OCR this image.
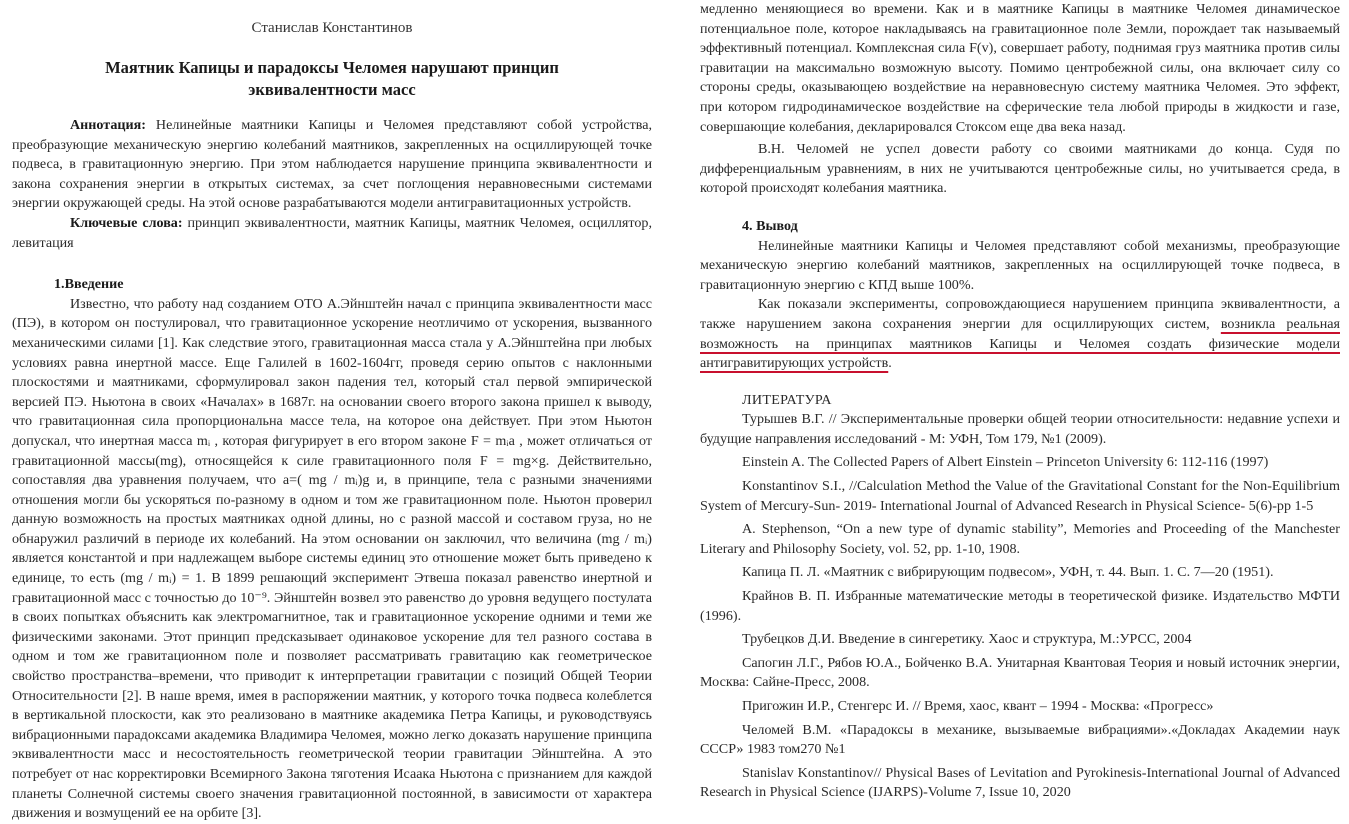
Станислав Константинов
Маятник Капицы и парадоксы Челомея нарушают принцип
эквивалентности масс

Аннотация: Нелинейные маятники Капицы и Челомея представляют собой устройства, преобразующие механическую энергию колебаний маятников, закрепленных на осциллирующей точке подвеса, в гравитационную энергию. При этом наблюдается нарушение принципа эквивалентности и закона сохранения энергии в открытых системах, за счет поглощения неравновесными системами энергии окружающей среды. На этой основе разрабатываются модели антигравитационных устройств.

Ключевые слова: принцип эквивалентности, маятник Капицы, маятник Челомея, осциллятор, левитация

1.Введение

Известно, что работу над созданием ОТО А.Эйнштейн начал с принципа эквивалентности масс (ПЭ), в котором он постулировал, что гравитационное ускорение неотличимо от ускорения, вызванного механическими силами [1]. Как следствие этого, гравитационная масса стала у А.Эйнштейна при любых условиях равна инертной массе. Еще Галилей в 1602-1604гг, проведя серию опытов с наклонными плоскостями и маятниками, сформулировал закон падения тел, который стал первой эмпирической версией ПЭ. Ньютона в своих «Началах» в 1687г. на основании своего второго закона пришел к выводу, что гравитационная сила пропорциональна массе тела, на которое она действует. При этом Ньютон допускал, что инертная масса mᵢ , которая фигурирует в его втором законе F = mᵢa , может отличаться от гравитационной массы(mg), относящейся к силе гравитационного поля F = mg×g. Действительно, сопоставляя два уравнения получаем, что a=( mg / mᵢ)g и, в принципе, тела с разными значениями отношения могли бы ускоряться по-разному в одном и том же гравитационном поле. Ньютон проверил данную возможность на простых маятниках одной длины, но с разной массой и составом груза, но не обнаружил различий в периоде их колебаний. На этом основании он заключил, что величина (mg / mᵢ) является константой и при надлежащем выборе системы единиц это отношение может быть приведено к единице, то есть (mg / mᵢ) = 1. В 1899 решающий эксперимент Этвеша показал равенство инертной и гравитационной масс с точностью до 10⁻⁹. Эйнштейн возвел это равенство до уровня ведущего постулата в своих попытках объяснить как электромагнитное, так и гравитационное ускорение одними и теми же физическими законами. Этот принцип предсказывает одинаковое ускорение для тел разного состава в одном и том же гравитационном поле и позволяет рассматривать гравитацию как геометрическое свойство пространства–времени, что приводит к интерпретации гравитации с позиций Общей Теории Относительности [2]. В наше время, имея в распоряжении маятник, у которого точка подвеса колеблется в вертикальной плоскости, как это реализовано в маятнике академика Петра Капицы, и руководствуясь вибрационными парадоксами академика Владимира Челомея, можно легко доказать нарушение принципа эквивалентности масс и несостоятельность геометрической теории гравитации Эйнштейна. А это потребует от нас корректировки Всемирного Закона тяготения Исаака Ньютона с признанием для каждой планеты Солнечной системы своего значения гравитационной постоянной, в зависимости от характера движения и возмущений ее на орбите [3].

медленно меняющиеся во времени. Как и в маятнике Капицы в маятнике Челомея динамическое потенциальное поле, которое накладываясь на гравитационное поле Земли, порождает так называемый эффективный потенциал. Комплексная сила F(v), совершает работу, поднимая груз маятника против силы гравитации на максимально возможную высоту. Помимо центробежной силы, она включает силу со стороны среды, оказывающею воздействие на неравновесную систему маятника Челомея. Это эффект, при котором гидродинамическое воздействие на сферические тела любой природы в жидкости и газе, совершающие колебания, декларировался Стоксом еще два века назад.

В.Н. Челомей не успел довести работу со своими маятниками до конца. Судя по дифференциальным уравнениям, в них не учитываются центробежные силы, но учитывается среда, в которой происходят колебания маятника.

4. Вывод

Нелинейные маятники Капицы и Челомея представляют собой механизмы, преобразующие механическую энергию колебаний маятников, закрепленных на осциллирующей точке подвеса, в гравитационную энергию с КПД выше 100%.

Как показали эксперименты, сопровождающиеся нарушением принципа эквивалентности, а также нарушением закона сохранения энергии для осциллирующих систем, возникла реальная возможность на принципах маятников Капицы и Челомея создать физические модели антигравитирующих устройств.

ЛИТЕРАТУРА

Турышев В.Г. // Экспериментальные проверки общей теории относительности: недавние успехи и будущие направления исследований - М: УФН, Том 179, №1 (2009).

Einstein A. The Collected Papers of Albert Einstein – Princeton University 6: 112-116 (1997)

Konstantinov S.I., //Calculation Method the Value of the Gravitational Constant for the Non-Equilibrium System of Mercury-Sun- 2019- International Journal of Advanced Research in Physical Science- 5(6)-pp 1-5

A. Stephenson, “On a new type of dynamic stability”, Memories and Proceeding of the Manchester Literary and Philosophy Society, vol. 52, pp. 1-10, 1908.

Капица П. Л. «Маятник с вибрирующим подвесом», УФН, т. 44. Вып. 1. С. 7—20 (1951).

Крайнов В. П. Избранные математические методы в теоретической физике. Издательство МФТИ (1996).

Трубецков Д.И. Введение в сингеретику. Хаос и структура, М.:УРСС, 2004

Сапогин Л.Г., Рябов Ю.А., Бойченко В.А. Унитарная Квантовая Теория и новый источник энергии, Москва: Сайне-Пресс, 2008.

Пригожин И.Р., Стенгерс И. // Время, хаос, квант – 1994 - Москва: «Прогресс»

Челомей В.М. «Парадоксы в механике, вызываемые вибрациями».«Докладах Академии наук СССР» 1983 том270 №1

Stanislav Konstantinov// Physical Bases of Levitation and Pyrokinesis-International Journal of Advanced Research in Physical Science (IJARPS)-Volume 7, Issue 10, 2020
